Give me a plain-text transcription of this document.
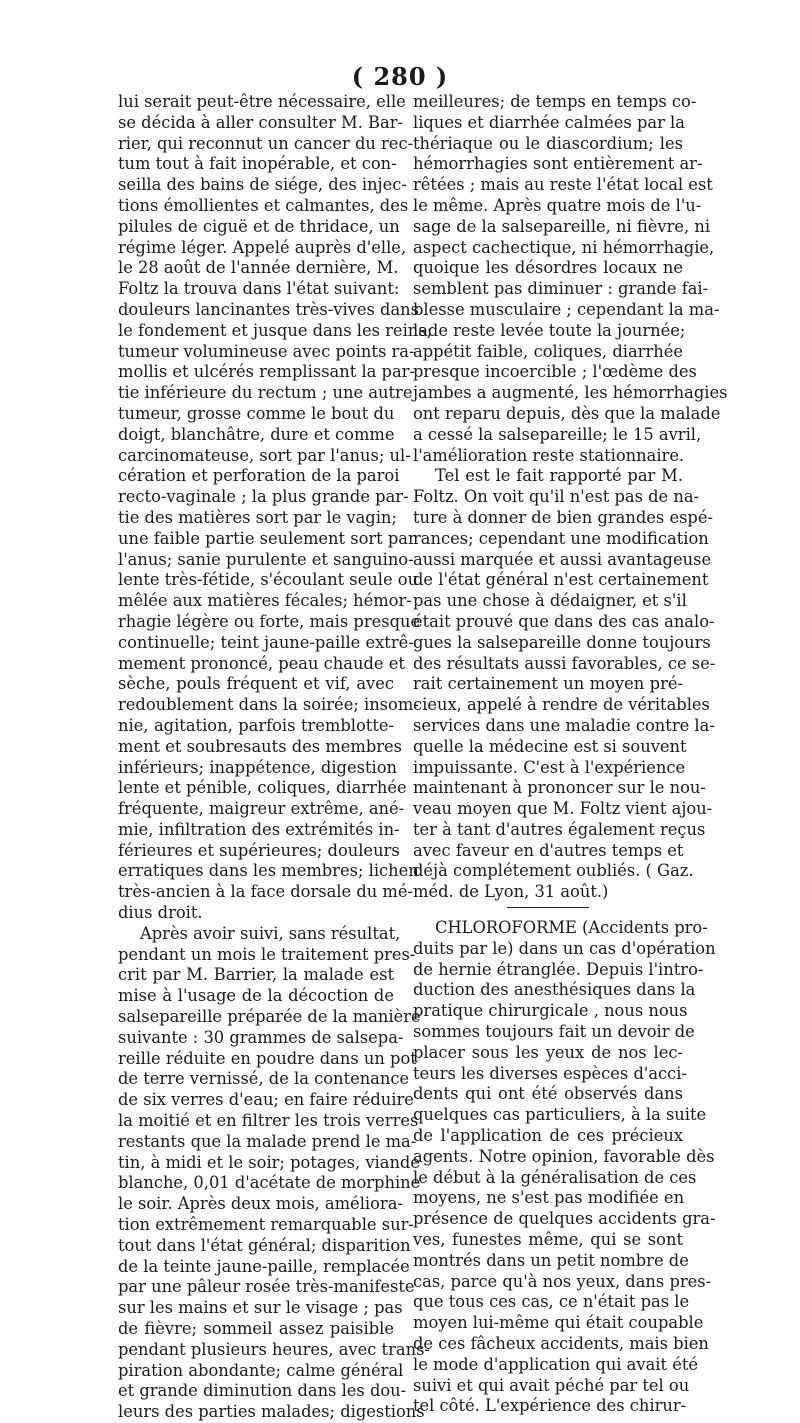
( 280 )
lui serait peut-être nécessaire, elle
se décida à aller consulter M. Bar-
rier, qui reconnut un cancer du rec-
tum tout à fait inopérable, et con-
seilla des bains de siége, des injec-
tions émollientes et calmantes, des
pilules de ciguë et de thridace, un
régime léger. Appelé auprès d'elle,
le 28 août de l'année dernière, M.
Foltz la trouva dans l'état suivant:
douleurs lancinantes très-vives dans
le fondement et jusque dans les reins;
tumeur volumineuse avec points ra-
mollis et ulcérés remplissant la par-
tie inférieure du rectum ; une autre
tumeur, grosse comme le bout du
doigt, blanchâtre, dure et comme
carcinomateuse, sort par l'anus; ul-
cération et perforation de la paroi
recto-vaginale ; la plus grande par-
tie des matières sort par le vagin;
une faible partie seulement sort par
l'anus; sanie purulente et sanguino-
lente très-fétide, s'écoulant seule ou
mêlée aux matières fécales; hémor-
rhagie légère ou forte, mais presque
continuelle; teint jaune-paille extrê-
mement prononcé, peau chaude et
sèche, pouls fréquent et vif, avec
redoublement dans la soirée; insom-
nie, agitation, parfois tremblotte-
ment et soubresauts des membres
inférieurs; inappétence, digestion
lente et pénible, coliques, diarrhée
fréquente, maigreur extrême, ané-
mie, infiltration des extrémités in-
férieures et supérieures; douleurs
erratiques dans les membres; lichen
très-ancien à la face dorsale du mé-
dius droit.
Après avoir suivi, sans résultat,
pendant un mois le traitement pres-
crit par M. Barrier, la malade est
mise à l'usage de la décoction de
salsepareille préparée de la manière
suivante : 30 grammes de salsepa-
reille réduite en poudre dans un pot
de terre vernissé, de la contenance
de six verres d'eau; en faire réduire
la moitié et en filtrer les trois verres
restants que la malade prend le ma-
tin, à midi et le soir; potages, viande
blanche, 0,01 d'acétate de morphine
le soir. Après deux mois, améliora-
tion extrêmement remarquable sur-
tout dans l'état général; disparition
de la teinte jaune-paille, remplacée
par une pâleur rosée très-manifeste
sur les mains et sur le visage ; pas
de fièvre; sommeil assez paisible
pendant plusieurs heures, avec trans-
piration abondante; calme général
et grande diminution dans les dou-
leurs des parties malades; digestions
meilleures; de temps en temps co-
liques et diarrhée calmées par la
thériaque ou le diascordium; les
hémorrhagies sont entièrement ar-
rêtées ; mais au reste l'état local est
le même. Après quatre mois de l'u-
sage de la salsepareille, ni fièvre, ni
aspect cachectique, ni hémorrhagie,
quoique les désordres locaux ne
semblent pas diminuer : grande fai-
blesse musculaire ; cependant la ma-
lade reste levée toute la journée;
appétit faible, coliques, diarrhée
presque incoercible ; l'œdème des
jambes a augmenté, les hémorrhagies
ont reparu depuis, dès que la malade
a cessé la salsepareille; le 15 avril,
l'amélioration reste stationnaire.
Tel est le fait rapporté par M.
Foltz. On voit qu'il n'est pas de na-
ture à donner de bien grandes espé-
rances; cependant une modification
aussi marquée et aussi avantageuse
de l'état général n'est certainement
pas une chose à dédaigner, et s'il
était prouvé que dans des cas analo-
gues la salsepareille donne toujours
des résultats aussi favorables, ce se-
rait certainement un moyen pré-
cieux, appelé à rendre de véritables
services dans une maladie contre la-
quelle la médecine est si souvent
impuissante. C'est à l'expérience
maintenant à prononcer sur le nou-
veau moyen que M. Foltz vient ajou-
ter à tant d'autres également reçus
avec faveur en d'autres temps et
déjà complétement oubliés. ( Gaz.
méd. de Lyon, 31 août.)
CHLOROFORME (Accidents pro-
duits par le) dans un cas d'opération
de hernie étranglée. Depuis l'intro-
duction des anesthésiques dans la
pratique chirurgicale , nous nous
sommes toujours fait un devoir de
placer sous les yeux de nos lec-
teurs les diverses espèces d'acci-
dents qui ont été observés dans
quelques cas particuliers, à la suite
de l'application de ces précieux
agents. Notre opinion, favorable dès
le début à la généralisation de ces
moyens, ne s'est pas modifiée en
présence de quelques accidents gra-
ves, funestes même, qui se sont
montrés dans un petit nombre de
cas, parce qu'à nos yeux, dans pres-
que tous ces cas, ce n'était pas le
moyen lui-même qui était coupable
de ces fâcheux accidents, mais bien
le mode d'application qui avait été
suivi et qui avait péché par tel ou
tel côté. L'expérience des chirur-
